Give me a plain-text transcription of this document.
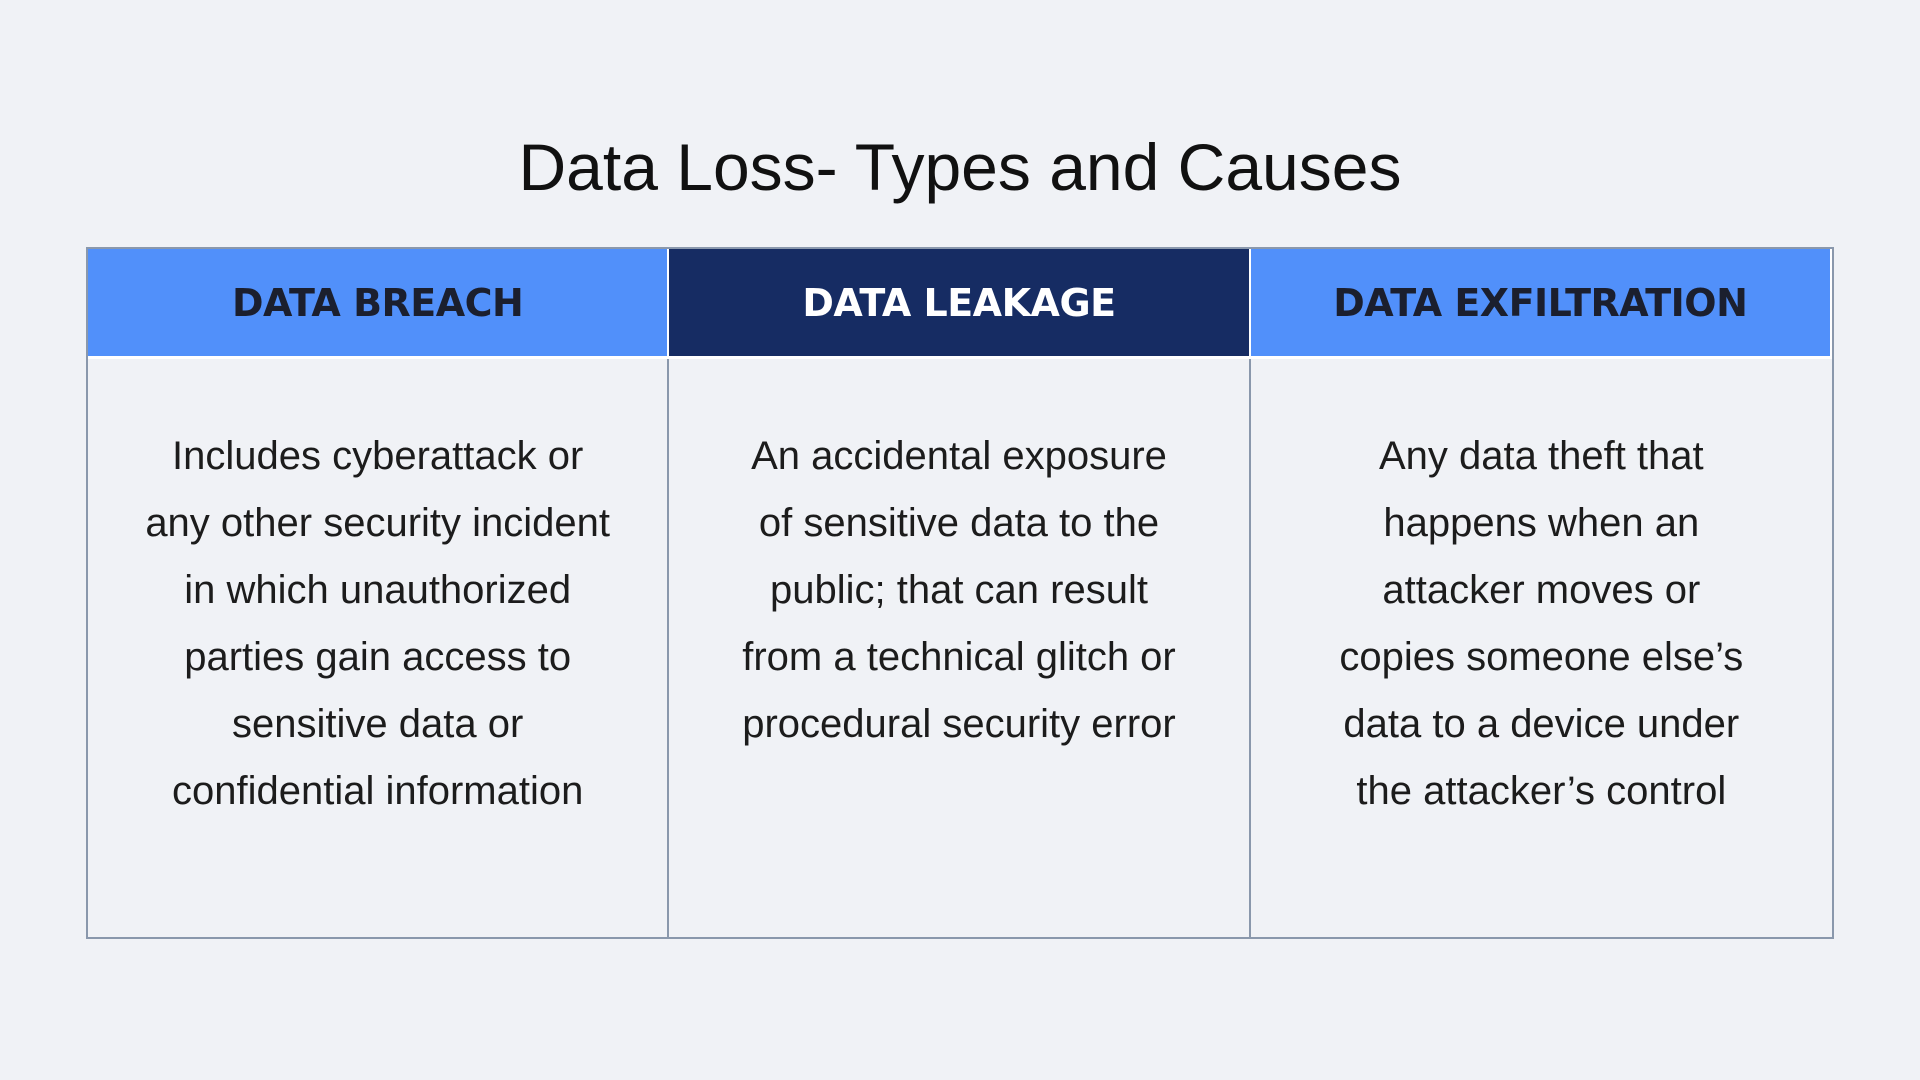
Data Loss- Types and Causes
DATA BREACH	DATA LEAKAGE	DATA EXFILTRATION
Includes cyberattack or any other security incident in which unauthorized parties gain access to sensitive data or confidential information
An accidental exposure of sensitive data to the public; that can result from a technical glitch or procedural security error
Any data theft that happens when an attacker moves or copies someone else’s data to a device under the attacker’s control
